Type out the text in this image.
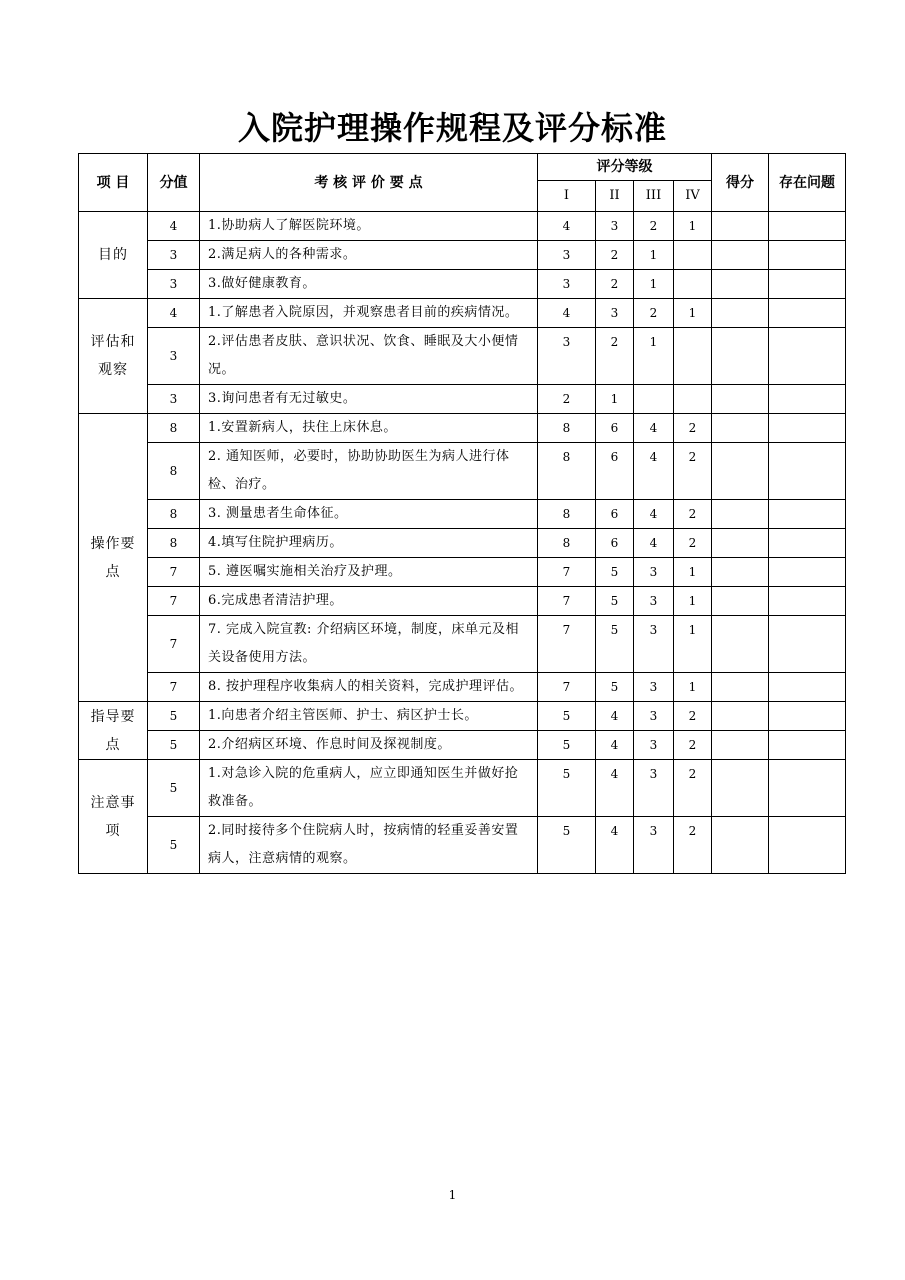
入院护理操作规程及评分标准
项 目	分值	考 核 评 价 要 点	评分等级				得分	存在问题
			I	II	III	IV		
目的	4	1.协助病人了解医院环境。	4	3	2	1		
	3	2.满足病人的各种需求。	3	2	1			
	3	3.做好健康教育。	3	2	1			
评估和观察	4	1.了解患者入院原因，并观察患者目前的疾病情况。	4	3	2	1		
	3	2.评估患者皮肤、意识状况、饮食、睡眠及大小便情况。	3	2	1			
	3	3.询问患者有无过敏史。	2	1				
操作要点	8	1.安置新病人，扶住上床休息。	8	6	4	2		
	8	2. 通知医师，必要时，协助协助医生为病人进行体检、治疗。	8	6	4	2		
	8	3. 测量患者生命体征。	8	6	4	2		
	8	4.填写住院护理病历。	8	6	4	2		
	7	5. 遵医嘱实施相关治疗及护理。	7	5	3	1		
	7	6.完成患者清洁护理。	7	5	3	1		
	7	7. 完成入院宣教: 介绍病区环境，制度，床单元及相关设备使用方法。	7	5	3	1		
	7	8. 按护理程序收集病人的相关资料，完成护理评估。	7	5	3	1		
指导要点	5	1.向患者介绍主管医师、护士、病区护士长。	5	4	3	2		
	5	2.介绍病区环境、作息时间及探视制度。	5	4	3	2		
注意事项	5	1.对急诊入院的危重病人，应立即通知医生并做好抢救准备。	5	4	3	2		
	5	2.同时接待多个住院病人时，按病情的轻重妥善安置病人，注意病情的观察。	5	4	3	2		
1
